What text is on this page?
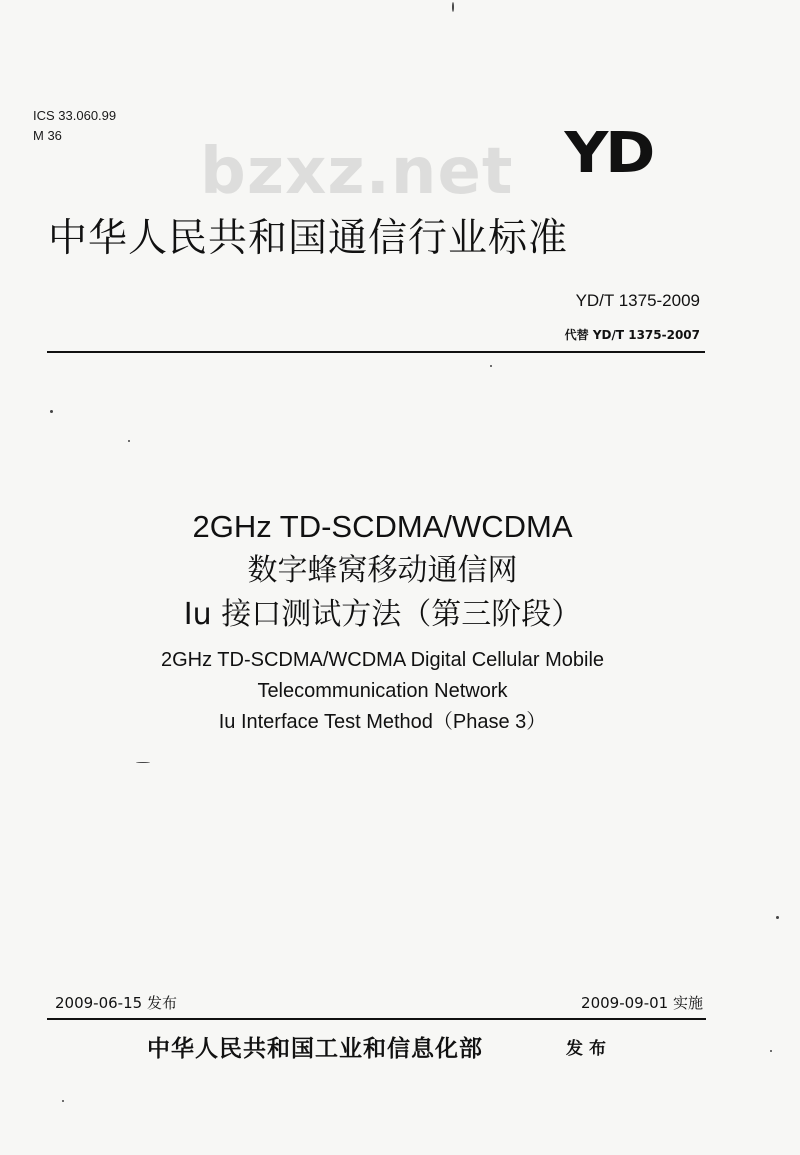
ICS 33.060.99
M 36 bzxz.net YD
中华人民共和国通信行业标准
YD/T 1375-2009
代替 YD/T 1375-2007
2GHz TD-SCDMA/WCDMA
数字蜂窝移动通信网
Iu 接口测试方法（第三阶段）
2GHz TD-SCDMA/WCDMA Digital Cellular Mobile
Telecommunication Network
Iu Interface Test Method（Phase 3）
2009-06-15 发布	2009-09-01 实施
中华人民共和国工业和信息化部	发布
